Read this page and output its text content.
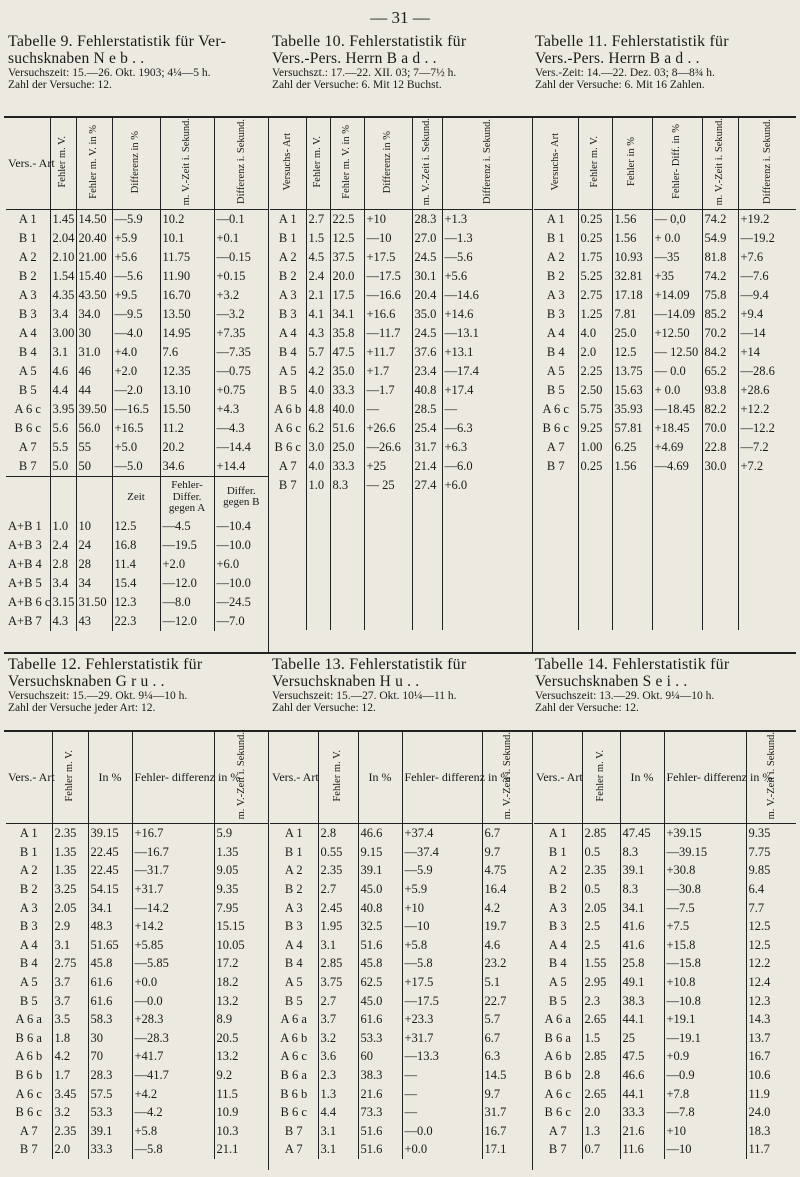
— 31 —
Tabelle 9. Fehlerstatistik für Ver-
suchsknaben N e b . .
Versuchszeit: 15.—26. Okt. 1903; 4¼—5 h.
Zahl der Versuche: 12.
Tabelle 10. Fehlerstatistik für
Vers.-Pers. Herrn B a d . .
Versuchszt.: 17.—22. XII. 03; 7—7½ h.
Zahl der Versuche: 6. Mit 12 Buchst.
Tabelle 11. Fehlerstatistik für
Vers.-Pers. Herrn B a d . .
Vers.-Zeit: 14.—22. Dez. 03; 8—8¾ h.
Zahl der Versuche: 6. Mit 16 Zahlen.
Vers.- Art	Fehler m. V.	Fehler m. V. in %	Differenz in %	m. V.-Zeit i. Sekund.	Differenz i. Sekund.
A 1	1.45	14.50	—5.9	10.2	—0.1
B 1	2.04	20.40	+5.9	10.1	+0.1
A 2	2.10	21.00	+5.6	11.75	—0.15
B 2	1.54	15.40	—5.6	11.90	+0.15
A 3	4.35	43.50	+9.5	16.70	+3.2
B 3	3.4	34.0	—9.5	13.50	—3.2
A 4	3.00	30	—4.0	14.95	+7.35
B 4	3.1	31.0	+4.0	7.6	—7.35
A 5	4.6	46	+2.0	12.35	—0.75
B 5	4.4	44	—2.0	13.10	+0.75
A 6 c	3.95	39.50	—16.5	15.50	+4.3
B 6 c	5.6	56.0	+16.5	11.2	—4.3
A 7	5.5	55	+5.0	20.2	—14.4
B 7	5.0	50	—5.0	34.6	+14.4
			Zeit	Fehler-Differ. gegen A	Differ. gegen B
A+B 1	1.0	10	12.5	—4.5	—10.4
A+B 3	2.4	24	16.8	—19.5	—10.0
A+B 4	2.8	28	11.4	+2.0	+6.0
A+B 5	3.4	34	15.4	—12.0	—10.0
A+B 6 c	3.15	31.50	12.3	—8.0	—24.5
A+B 7	4.3	43	22.3	—12.0	—7.0
Versuchs- Art	Fehler m. V.	Fehler m. V. in %	Differenz in %	m. V.-Zeit i. Sekund.	Differenz i. Sekund.
A 1	2.7	22.5	+10	28.3	+1.3
B 1	1.5	12.5	—10	27.0	—1.3
A 2	4.5	37.5	+17.5	24.5	—5.6
B 2	2.4	20.0	—17.5	30.1	+5.6
A 3	2.1	17.5	—16.6	20.4	—14.6
B 3	4.1	34.1	+16.6	35.0	+14.6
A 4	4.3	35.8	—11.7	24.5	—13.1
B 4	5.7	47.5	+11.7	37.6	+13.1
A 5	4.2	35.0	+1.7	23.4	—17.4
B 5	4.0	33.3	—1.7	40.8	+17.4
A 6 b	4.8	40.0	—	28.5	—
A 6 c	6.2	51.6	+26.6	25.4	—6.3
B 6 c	3.0	25.0	—26.6	31.7	+6.3
A 7	4.0	33.3	+25	21.4	—6.0
B 7	1.0	8.3	— 25	27.4	+6.0

Versuchs- Art	Fehler m. V.	Fehler in %	Fehler- Diff. in %	m. V.-Zeit i. Sekund.	Differenz i. Sekund.
A 1	0.25	1.56	— 0,0	74.2	+19.2
B 1	0.25	1.56	+ 0.0	54.9	—19.2
A 2	1.75	10.93	—35	81.8	+7.6
B 2	5.25	32.81	+35	74.2	—7.6
A 3	2.75	17.18	+14.09	75.8	—9.4
B 3	1.25	7.81	—14.09	85.2	+9.4
A 4	4.0	25.0	+12.50	70.2	—14
B 4	2.0	12.5	— 12.50	84.2	+14
A 5	2.25	13.75	— 0.0	65.2	—28.6
B 5	2.50	15.63	+ 0.0	93.8	+28.6
A 6 c	5.75	35.93	—18.45	82.2	+12.2
B 6 c	9.25	57.81	+18.45	70.0	—12.2
A 7	1.00	6.25	+4.69	22.8	—7.2
B 7	0.25	1.56	—4.69	30.0	+7.2

Tabelle 12. Fehlerstatistik für
Versuchsknaben G r u . .
Versuchszeit: 15.—29. Okt. 9¼—10 h.
Zahl der Versuche jeder Art: 12.
Tabelle 13. Fehlerstatistik für
Versuchsknaben H u . .
Versuchszeit: 15.—27. Okt. 10¼—11 h.
Zahl der Versuche: 12.
Tabelle 14. Fehlerstatistik für
Versuchsknaben S e i . .
Versuchszeit: 13.—29. Okt. 9¼—10 h.
Zahl der Versuche: 12.
Vers.- Art	Fehler m. V.	In %	Fehler- differenz in %	m. V.-Zeit i. Sekund.
A 1	2.35	39.15	+16.7	5.9
B 1	1.35	22.45	—16.7	1.35
A 2	1.35	22.45	—31.7	9.05
B 2	3.25	54.15	+31.7	9.35
A 3	2.05	34.1	—14.2	7.95
B 3	2.9	48.3	+14.2	15.15
A 4	3.1	51.65	+5.85	10.05
B 4	2.75	45.8	—5.85	17.2
A 5	3.7	61.6	+0.0	18.2
B 5	3.7	61.6	—0.0	13.2
A 6 a	3.5	58.3	+28.3	8.9
B 6 a	1.8	30	—28.3	20.5
A 6 b	4.2	70	+41.7	13.2
B 6 b	1.7	28.3	—41.7	9.2
A 6 c	3.45	57.5	+4.2	11.5
B 6 c	3.2	53.3	—4.2	10.9
A 7	2.35	39.1	+5.8	10.3
B 7	2.0	33.3	—5.8	21.1
Vers.- Art	Fehler m. V.	In %	Fehler- differenz in %	m. V.-Zeit i. Sekund.
A 1	2.8	46.6	+37.4	6.7
B 1	0.55	9.15	—37.4	9.7
A 2	2.35	39.1	—5.9	4.75
B 2	2.7	45.0	+5.9	16.4
A 3	2.45	40.8	+10	4.2
B 3	1.95	32.5	—10	19.7
A 4	3.1	51.6	+5.8	4.6
B 4	2.85	45.8	—5.8	23.2
A 5	3.75	62.5	+17.5	5.1
B 5	2.7	45.0	—17.5	22.7
A 6 a	3.7	61.6	+23.3	5.7
A 6 b	3.2	53.3	+31.7	6.7
A 6 c	3.6	60	—13.3	6.3
B 6 a	2.3	38.3	—	14.5
B 6 b	1.3	21.6	—	9.7
B 6 c	4.4	73.3	—	31.7
B 7	3.1	51.6	—0.0	16.7
A 7	3.1	51.6	+0.0	17.1
Vers.- Art	Fehler m. V.	In %	Fehler- differenz in %	m. V.-Zeit i. Sekund.
A 1	2.85	47.45	+39.15	9.35
B 1	0.5	8.3	—39.15	7.75
A 2	2.35	39.1	+30.8	9.85
B 2	0.5	8.3	—30.8	6.4
A 3	2.05	34.1	—7.5	7.7
B 3	2.5	41.6	+7.5	12.5
A 4	2.5	41.6	+15.8	12.5
B 4	1.55	25.8	—15.8	12.2
A 5	2.95	49.1	+10.8	12.4
B 5	2.3	38.3	—10.8	12.3
A 6 a	2.65	44.1	+19.1	14.3
B 6 a	1.5	25	—19.1	13.7
A 6 b	2.85	47.5	+0.9	16.7
B 6 b	2.8	46.6	—0.9	10.6
A 6 c	2.65	44.1	+7.8	11.9
B 6 c	2.0	33.3	—7.8	24.0
A 7	1.3	21.6	+10	18.3
B 7	0.7	11.6	—10	11.7
